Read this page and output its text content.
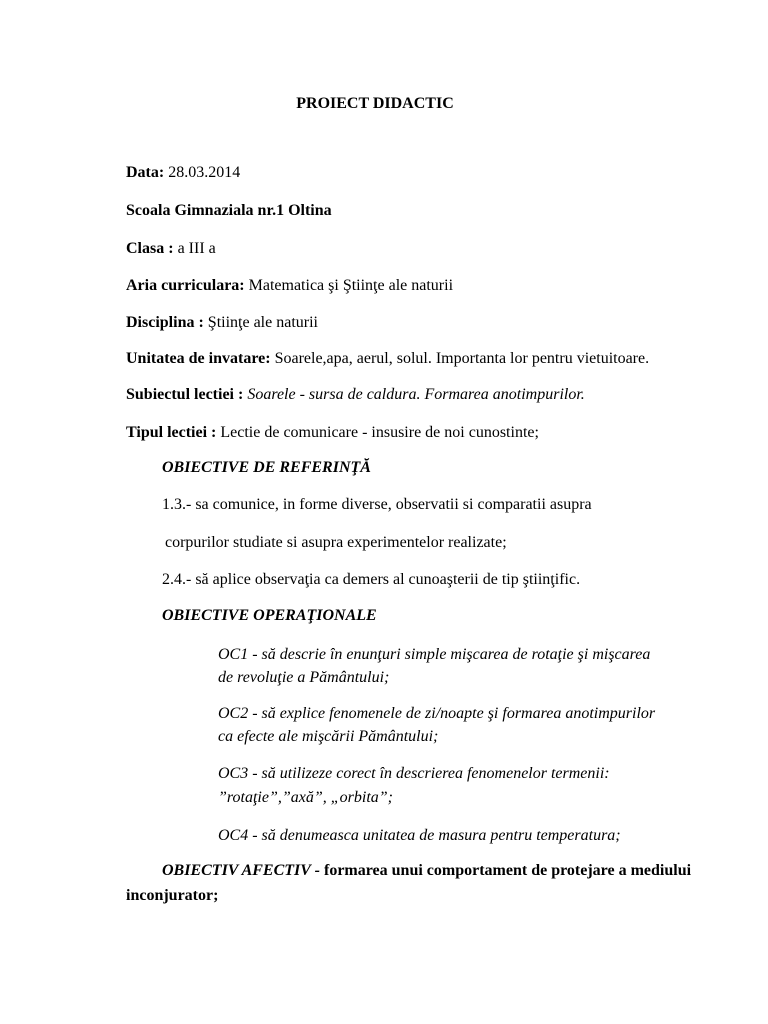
PROIECT DIDACTIC
Data: 28.03.2014
Scoala Gimnaziala nr.1 Oltina
Clasa : a III a
Aria curriculara: Matematica şi Ştiinţe ale naturii
Disciplina : Ştiinţe ale naturii
Unitatea de invatare: Soarele,apa, aerul, solul. Importanta lor pentru vietuitoare.
Subiectul lectiei : Soarele - sursa de caldura. Formarea anotimpurilor.
Tipul lectiei : Lectie de comunicare - insusire de noi cunostinte;
OBIECTIVE DE REFERINŢĂ
1.3.- sa comunice, in forme diverse, observatii si comparatii asupra
corpurilor studiate si asupra experimentelor realizate;
2.4.- să aplice observaţia ca demers al cunoaşterii de tip ştiinţific.
OBIECTIVE OPERAŢIONALE
OC1 - să descrie în enunţuri simple mişcarea de rotaţie şi mişcarea
de revoluţie a Pământului;
OC2 - să explice fenomenele de zi/noapte şi formarea anotimpurilor
ca efecte ale mişcării Pământului;
OC3 - să utilizeze corect în descrierea fenomenelor termenii:
”rotaţie”,”axă”, „orbita”;
OC4 - să denumeasca unitatea de masura pentru temperatura;
OBIECTIV AFECTIV - formarea unui comportament de protejare a mediului
inconjurator;
